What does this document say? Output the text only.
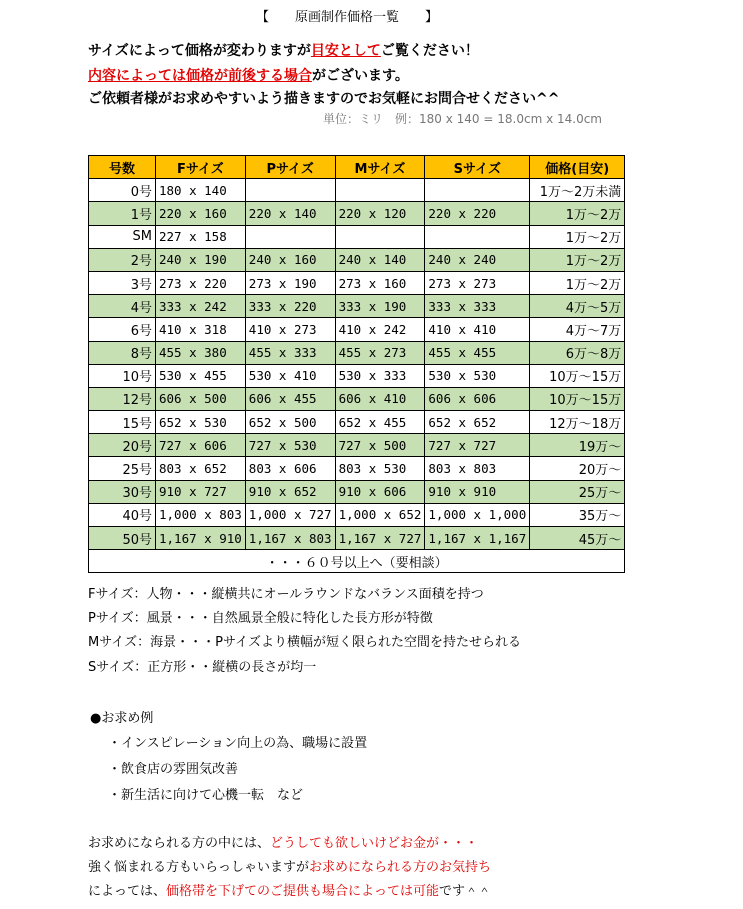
【　　原画制作価格一覧　　】
サイズによって価格が変わりますが目安としてご覧ください！
内容によっては価格が前後する場合がございます。
ご依頼者様がお求めやすいよう描きますのでお気軽にお問合せください^^
単位：ミリ　例：180 x 140 = 18.0cm x 14.0cm
号数	Fサイズ	Pサイズ	Mサイズ	Sサイズ	価格(目安)
0号	180 x 140				1万～2万未満
1号	220 x 160	220 x 140	220 x 120	220 x 220	1万～2万
SM	227 x 158				1万～2万
2号	240 x 190	240 x 160	240 x 140	240 x 240	1万～2万
3号	273 x 220	273 x 190	273 x 160	273 x 273	1万～2万
4号	333 x 242	333 x 220	333 x 190	333 x 333	4万～5万
6号	410 x 318	410 x 273	410 x 242	410 x 410	4万～7万
8号	455 x 380	455 x 333	455 x 273	455 x 455	6万～8万
10号	530 x 455	530 x 410	530 x 333	530 x 530	10万～15万
12号	606 x 500	606 x 455	606 x 410	606 x 606	10万～15万
15号	652 x 530	652 x 500	652 x 455	652 x 652	12万～18万
20号	727 x 606	727 x 530	727 x 500	727 x 727	19万～
25号	803 x 652	803 x 606	803 x 530	803 x 803	20万～
30号	910 x 727	910 x 652	910 x 606	910 x 910	25万～
40号	1,000 x 803	1,000 x 727	1,000 x 652	1,000 x 1,000	35万～
50号	1,167 x 910	1,167 x 803	1,167 x 727	1,167 x 1,167	45万～
・・・６０号以上へ（要相談）					
Fサイズ：人物・・・縦横共にオールラウンドなバランス面積を持つ
Pサイズ：風景・・・自然風景全般に特化した長方形が特徴
Mサイズ：海景・・・Pサイズより横幅が短く限られた空間を持たせられる
Sサイズ：正方形・・縦横の長さが均一
●お求め例
・インスピレーション向上の為、職場に設置
・飲食店の雰囲気改善
・新生活に向けて心機一転　など
お求めになられる方の中には、どうしても欲しいけどお金が・・・
強く悩まれる方もいらっしゃいますがお求めになられる方のお気持ち
によっては、価格帯を下げてのご提供も場合によっては可能です＾＾
